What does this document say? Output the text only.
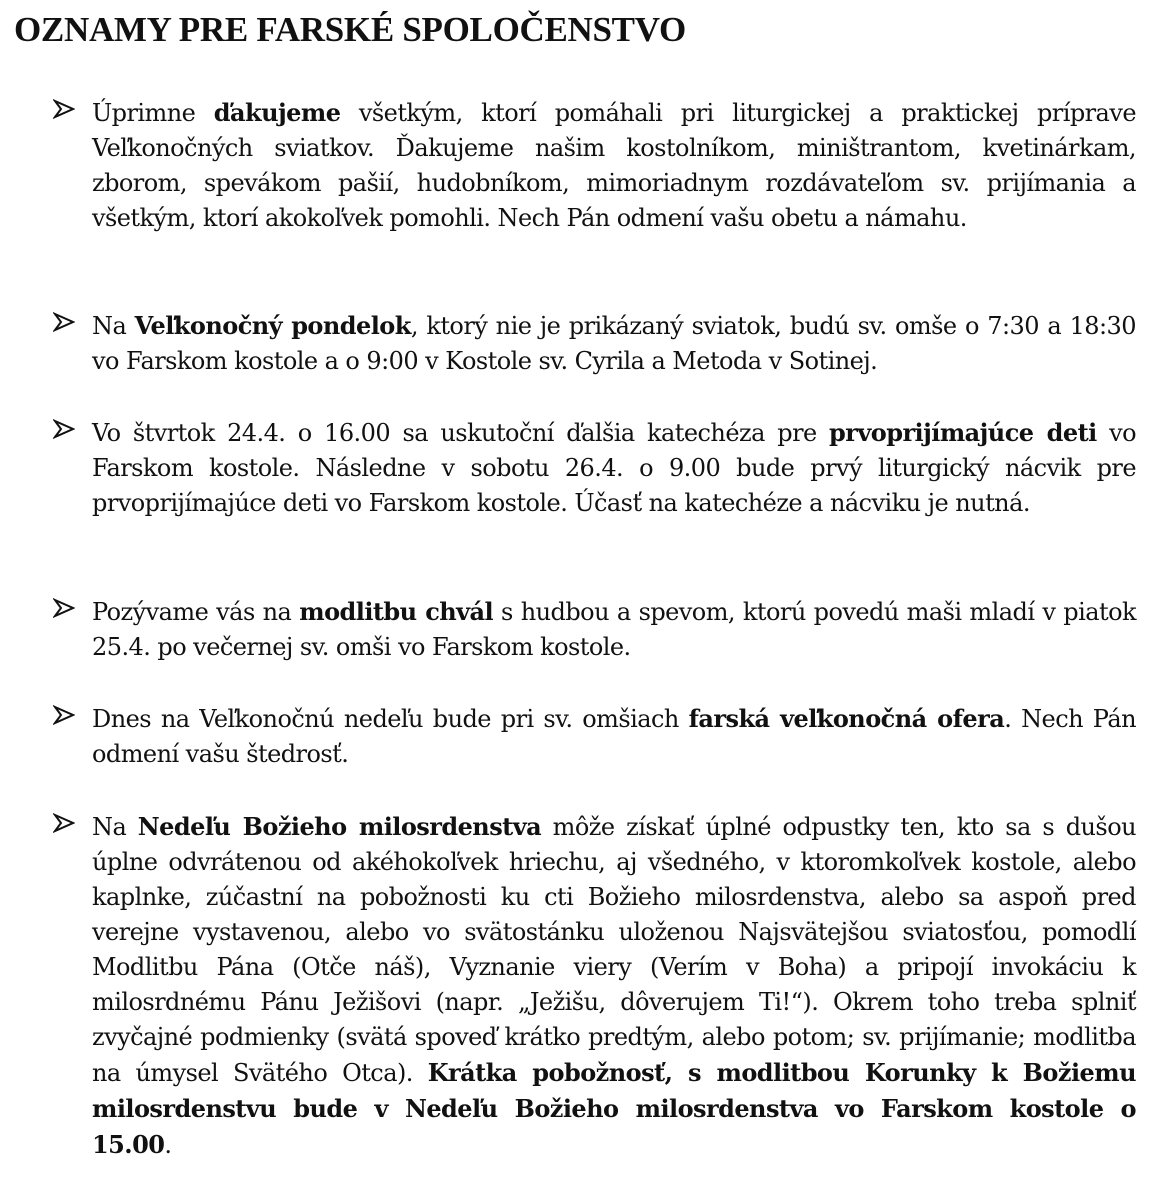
OZNAMY PRE FARSKÉ SPOLOČENSTVO

Úprimne ďakujeme všetkým, ktorí pomáhali pri liturgickej a praktickej príprave Veľkonočných sviatkov. Ďakujeme našim kostolníkom, miništrantom, kvetinárkam, zborom, spevákom pašií, hudobníkom, mimoriadnym rozdávateľom sv. prijímania a všetkým, ktorí akokoľvek pomohli. Nech Pán odmení vašu obetu a námahu.

Na Veľkonočný pondelok, ktorý nie je prikázaný sviatok, budú sv. omše o 7:30 a 18:30 vo Farskom kostole a o 9:00 v Kostole sv. Cyrila a Metoda v Sotinej.

Vo štvrtok 24.4. o 16.00 sa uskutoční ďalšia katechéza pre prvoprijímajúce deti vo Farskom kostole. Následne v sobotu 26.4. o 9.00 bude prvý liturgický nácvik pre prvoprijímajúce deti vo Farskom kostole. Účasť na katechéze a nácviku je nutná.

Pozývame vás na modlitbu chvál s hudbou a spevom, ktorú povedú maši mladí v piatok 25.4. po večernej sv. omši vo Farskom kostole.

Dnes na Veľkonočnú nedeľu bude pri sv. omšiach farská veľkonočná ofera. Nech Pán odmení vašu štedrosť.

Na Nedeľu Božieho milosrdenstva môže získať úplné odpustky ten, kto sa s dušou úplne odvrátenou od akéhokoľvek hriechu, aj všedného, v ktoromkoľvek kostole, alebo kaplnke, zúčastní na pobožnosti ku cti Božieho milosrdenstva, alebo sa aspoň pred verejne vystavenou, alebo vo svätostánku uloženou Najsvätejšou sviatosťou, pomodlí Modlitbu Pána (Otče náš), Vyznanie viery (Verím v Boha) a pripojí invokáciu k milosrdnému Pánu Ježišovi (napr. „Ježišu, dôverujem Ti!“). Okrem toho treba splniť zvyčajné podmienky (svätá spoveď krátko predtým, alebo potom; sv. prijímanie; modlitba na úmysel Svätého Otca). Krátka pobožnosť, s modlitbou Korunky k Božiemu milosrdenstvu bude v Nedeľu Božieho milosrdenstva vo Farskom kostole o 15.00.
